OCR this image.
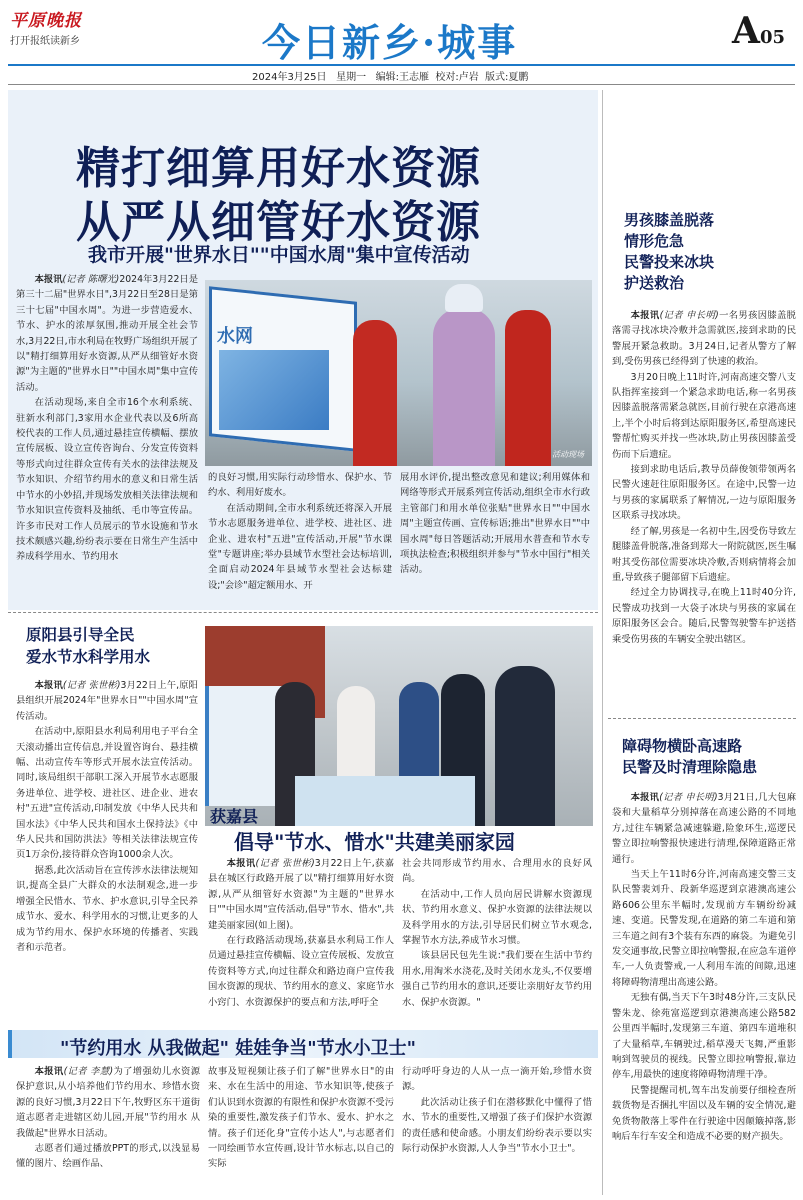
平原晚报
打开报纸读新乡	今日新乡·城事	A05
2024年3月25日   星期一   编辑:王志雁  校对:卢岩  版式:夏鹏
精打细算用好水资源
从严从细管好水资源
我市开展"世界水日""中国水周"集中宣传活动

本报讯(记者 陈曙光)2024年3月22日是第三十二届"世界水日",3月22日至28日是第三十七届"中国水周"。为进一步营造爱水、节水、护水的浓厚氛围,推动开展全社会节水,3月22日,市水利局在牧野广场组织开展了以"精打细算用好水资源,从严从细管好水资源"为主题的"世界水日""中国水周"集中宣传活动。

在活动现场,来自全市16个水利系统、驻新水利部门,3家用水企业代表以及6所高校代表的工作人员,通过悬挂宣传横幅、摆放宣传展板、设立宣传咨询台、分发宣传资料等形式向过往群众宣传有关水的法律法规及节水知识、介绍节约用水的意义和日常生活中节水的小妙招,并现场发放相关法律法规和节水知识宣传资料及抽纸、毛巾等宣传品。许多市民对工作人员展示的节水设施和节水技术颇感兴趣,纷纷表示要在日常生产生活中养成科学用水、节约用水

水网
活动现场

的良好习惯,用实际行动珍惜水、保护水、节约水、利用好废水。

在活动期间,全市水利系统还将深入开展节水志愿服务进单位、进学校、进社区、进企业、进农村"五进"宣传活动,开展"节水课堂"专题讲座;举办县域节水型社会达标培训,全面启动2024年县域节水型社会达标建设;"会诊"超定额用水、开

展用水评价,提出整改意见和建议;利用媒体和网络等形式开展系列宣传活动,组织全市水行政主管部门和用水单位张贴"世界水日""中国水周"主题宣传画、宣传标语;推出"世界水日""中国水周"每日答题活动;开展用水普查和节水专项执法检查;积极组织并参与"节水中国行"相关活动。

男孩膝盖脱落
情形危急
民警投来冰块
护送救治

本报讯(记者 申长明)一名男孩因膝盖脱落需寻找冰块冷敷并急需就医,接到求助的民警展开紧急救助。3月24日,记者从警方了解到,受伤男孩已经得到了快速的救治。

3月20日晚上11时许,河南高速交警八支队指挥室接到一个紧急求助电话,称一名男孩因膝盖脱落需紧急就医,目前行驶在京港高速上,半个小时后将到达原阳服务区,希望高速民警帮忙购买并找一些冰块,防止男孩因膝盖受伤而下后遗症。

接到求助电话后,教导员薛俊领带领两名民警火速赶往原阳服务区。在途中,民警一边与男孩的家属联系了解情况,一边与原阳服务区联系寻找冰块。

经了解,男孩是一名初中生,因受伤导致左腿膝盖骨脱落,准备到郑大一附院就医,医生嘱咐其受伤部位需要冰块冷敷,否则病情将会加重,导致孩子腿部留下后遗症。

经过全力协调找寻,在晚上11时40分许,民警成功找到一大袋子冰块与男孩的家属在原阳服务区会合。随后,民警驾驶警车护送搭乘受伤男孩的车辆安全驶出辖区。

障碍物横卧高速路
民警及时清理除隐患

本报讯(记者 申长明)3月21日,几大包麻袋和大量稻草分别掉落在高速公路的不同地方,过往车辆紧急减速躲避,险象环生,巡逻民警立即拉响警报快速进行清理,保障道路正常通行。

当天上午11时6分许,河南高速交警三支队民警裴刘升、段新华巡逻到京港澳高速公路606公里东半幅时,发现前方车辆纷纷减速、变道。民警发现,在道路的第二车道和第三车道之间有3个装有东西的麻袋。为避免引发交通事故,民警立即拉响警报,在应急车道停车,一人负责警戒,一人利用车流的间隙,迅速将障碍物清理出高速公路。

无独有偶,当天下午3时48分许,三支队民警朱龙、徐苑富巡逻到京港澳高速公路582公里西半幅时,发现第三车道、第四车道堆积了大量稻草,车辆驶过,稻草漫天飞舞,严重影响到驾驶员的视线。民警立即拉响警报,靠边停车,用最快的速度将障碍物清理干净。

民警提醒司机,驾车出发前要仔细检查所载货物是否捆扎牢固以及车辆的安全情况,避免货物散落上零件在行驶途中因颠簸掉落,影响后车行车安全和造成不必要的财产损失。

原阳县引导全民
爱水节水科学用水

本报讯(记者 张世彬)3月22日上午,原阳县组织开展2024年"世界水日""中国水周"宣传活动。

在活动中,原阳县水利局利用电子平台全天滚动播出宣传信息,并设置咨询台、悬挂横幅、出动宣传车等形式开展水法宣传活动。同时,该局组织干部职工深入开展节水志愿服务进单位、进学校、进社区、进企业、进农村"五进"宣传活动,印制发放《中华人民共和国水法》《中华人民共和国水土保持法》《中华人民共和国防洪法》等相关法律法规宣传页1万余份,接待群众咨询1000余人次。

据悉,此次活动旨在宣传涉水法律法规知识,提高全县广大群众的水法制观念,进一步增强全民惜水、节水、护水意识,引导全民养成节水、爱水、科学用水的习惯,让更多的人成为节约用水、保护水环境的传播者、实践者和示范者。

获嘉县
倡导"节水、惜水"共建美丽家园

本报讯(记者 张世彬)3月22日上午,获嘉县在城区行政路开展了以"精打细算用好水资源,从严从细管好水资源"为主题的"世界水日""中国水周"宣传活动,倡导"节水、惜水",共建美丽家园(如上图)。

在行政路活动现场,获嘉县水利局工作人员通过悬挂宣传横幅、设立宣传展板、发放宣传资料等方式,向过往群众和路边商户宣传我国水资源的现状、节约用水的意义、家庭节水小窍门、水资源保护的要点和方法,呼吁全

社会共同形成节约用水、合理用水的良好风尚。

在活动中,工作人员向居民讲解水资源现状、节约用水意义、保护水资源的法律法规以及科学用水的方法,引导居民们树立节水观念,掌握节水方法,养成节水习惯。

该县居民包先生说:"我们要在生活中节约用水,用淘米水浇花,及时关闭水龙头,不仅要增强自己节约用水的意识,还要让亲朋好友节约用水、保护水资源。"

"节约用水 从我做起" 娃娃争当"节水小卫士"

本报讯(记者 李慧)为了增强幼儿水资源保护意识,从小培养他们节约用水、珍惜水资源的良好习惯,3月22日下午,牧野区东干道街道志愿者走进辖区幼儿园,开展"节约用水 从我做起"世界水日活动。

志愿者们通过播放PPT的形式,以浅显易懂的图片、绘画作品、

故事及短视频让孩子们了解"世界水日"的由来、水在生活中的用途、节水知识等,使孩子们认识到水资源的有限性和保护水资源不受污染的重要性,激发孩子们节水、爱水、护水之情。孩子们还化身"宣传小达人",与志愿者们一同绘画节水宣传画,设计节水标志,以自己的实际

行动呼吁身边的人从一点一滴开始,珍惜水资源。

此次活动让孩子们在潜移默化中懂得了惜水、节水的重要性,又增强了孩子们保护水资源的责任感和使命感。小朋友们纷纷表示要以实际行动保护水资源,人人争当"节水小卫士"。
